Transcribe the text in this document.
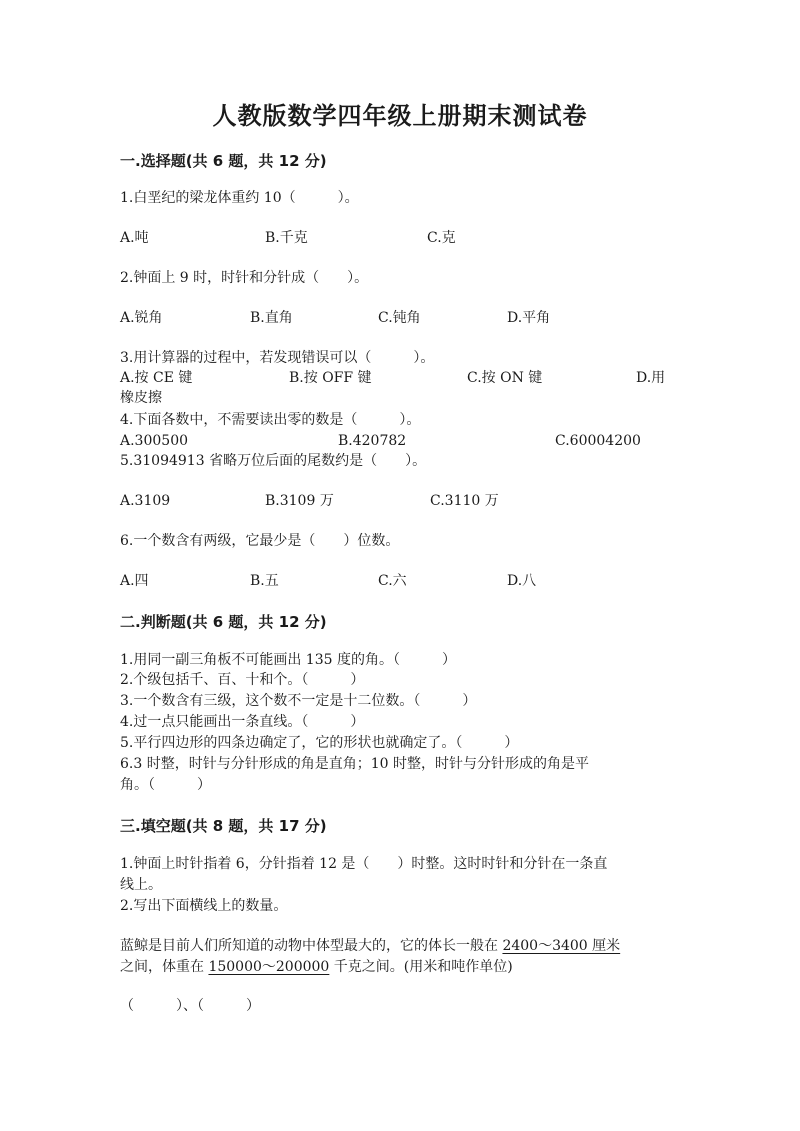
人教版数学四年级上册期末测试卷
一.选择题(共 6 题，共 12 分)
1.白垩纪的梁龙体重约 10（　　　）。
A.吨	B.千克	C.克
2.钟面上 9 时，时针和分针成（　　）。
A.锐角	B.直角	C.钝角	D.平角
3.用计算器的过程中，若发现错误可以（　　　）。
A.按 CE 键	B.按 OFF 键	C.按 ON 键	D.用
橡皮擦
4.下面各数中，不需要读出零的数是（　　　）。
A.300500	B.420782	C.60004200
5.31094913 省略万位后面的尾数约是（　　）。
A.3109	B.3109 万	C.3110 万
6.一个数含有两级，它最少是（　　）位数。
A.四	B.五	C.六	D.八
二.判断题(共 6 题，共 12 分)
1.用同一副三角板不可能画出 135 度的角。（　　　）
2.个级包括千、百、十和个。（　　　）
3.一个数含有三级，这个数不一定是十二位数。（　　　）
4.过一点只能画出一条直线。（　　　）
5.平行四边形的四条边确定了，它的形状也就确定了。（　　　）
6.3 时整，时针与分针形成的角是直角；10 时整，时针与分针形成的角是平
角。（　　　）
三.填空题(共 8 题，共 17 分)
1.钟面上时针指着 6，分针指着 12 是（　　）时整。这时时针和分针在一条直
线上。
2.写出下面横线上的数量。
蓝鲸是目前人们所知道的动物中体型最大的，它的体长一般在 2400～3400 厘米
之间，体重在 150000～200000 千克之间。(用米和吨作单位)
（　　　）、（　　　）
